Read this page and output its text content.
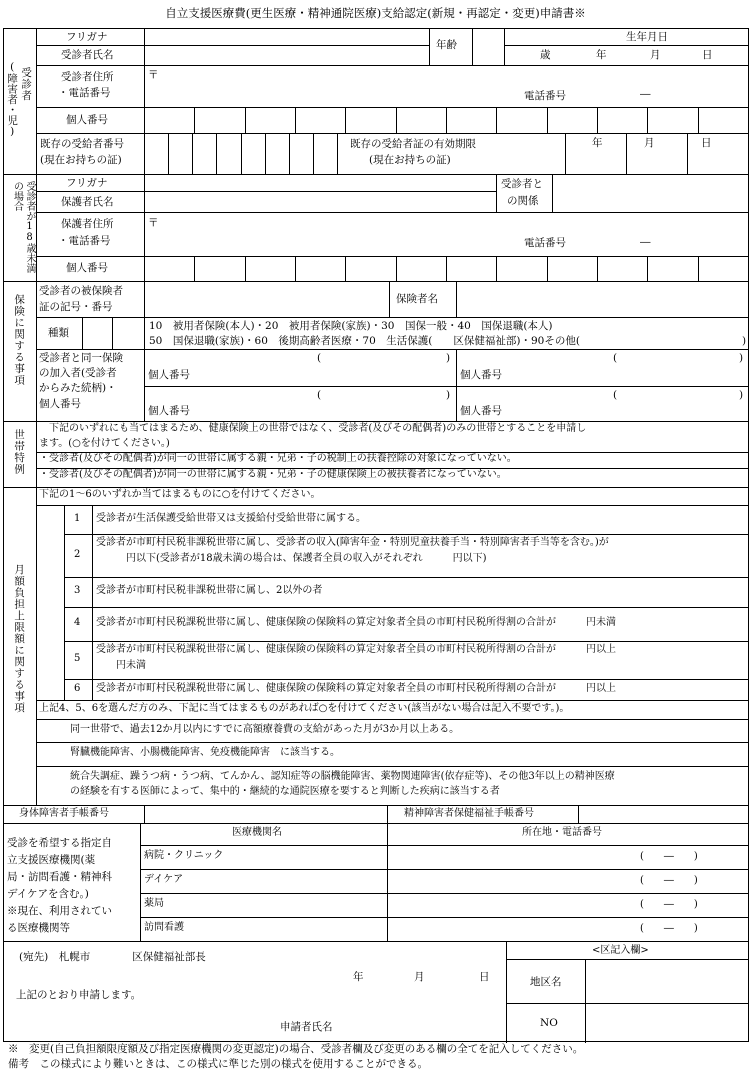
自立支援医療費(更生医療・精神通院医療)支給認定(新規・再認定・変更)申請書※
受診者
(障害者・児)
フリガナ
受診者氏名
年齢
歳
生年月日
年	月	日
受診者住所
・電話番号
〒
電話番号	―
個人番号
既存の受給者番号
(現在お持ちの証)
既存の受給者証の有効期限
(現在お持ちの証)
年	月	日
受診者が18歳未満の場合	フリガナ
保護者氏名
受診者と
の関係
保護者住所
・電話番号
〒
電話番号	―
個人番号
保険に関する事項
受診者の被保険者
証の記号・番号
保険者名
種類
10　被用者保険(本人)・20　被用者保険(家族)・30　国保一般・40　国保退職(本人)
50　国保退職(家族)・60　後期高齢者医療・70　生活保護(　　区保健福祉部)・90その他(	)
受診者と同一保険
の加入者(受診者
からみた続柄)・
個人番号
(	)	(	)
個人番号	個人番号
(	)	(	)
個人番号	個人番号
世帯特例
　下記のいずれにも当てはまるため、健康保険上の世帯ではなく、受診者(及びその配偶者)のみの世帯とすることを申請し
ます。(○を付けてください。)
・受診者(及びその配偶者)が同一の世帯に属する親・兄弟・子の税制上の扶養控除の対象になっていない。
・受診者(及びその配偶者)が同一の世帯に属する親・兄弟・子の健康保険上の被扶養者になっていない。
月額負担上限額に関する事項
下記の1～6のいずれか当てはまるものに○を付けてください。
上記4、5、6を選んだ方のみ、下記に当てはまるものがあれば○を付けてください(該当がない場合は記入不要です。)。
同一世帯で、過去12か月以内にすでに高額療養費の支給があった月が3か月以上ある。
腎臓機能障害、小腸機能障害、免疫機能障害　に該当する。
統合失調症、躁うつ病・うつ病、てんかん、認知症等の脳機能障害、薬物関連障害(依存症等)、その他3年以上の精神医療
の経験を有する医師によって、集中的・継続的な通院医療を要すると判断した疾病に該当する者
身体障害者手帳番号	精神障害者保健福祉手帳番号
受診を希望する指定自
立支援医療機関(薬
局・訪問看護・精神科
デイケアを含む。)
※現在、利用されてい
る医療機関等
医療機関名	所在地・電話番号
(宛先)　札幌市　　　　区保健福祉部長
年	月	日
上記のとおり申請します。
申請者氏名
<区記入欄>
地区名
NO
1 受診者が生活保護受給世帯又は支援給付受給世帯に属する。
2
受診者が市町村民税非課税世帯に属し、受診者の収入(障害年金・特別児童扶養手当・特別障害者手当等を含む。)が
　　　円以下(受診者が18歳未満の場合は、保護者全員の収入がそれぞれ　　　円以下)
3 受診者が市町村民税非課税世帯に属し、2以外の者
4 受診者が市町村民税課税世帯に属し、健康保険の保険料の算定対象者全員の市町村民税所得割の合計が　　　円未満
5
受診者が市町村民税課税世帯に属し、健康保険の保険料の算定対象者全員の市町村民税所得割の合計が　　　円以上
　　円未満
6 受診者が市町村民税課税世帯に属し、健康保険の保険料の算定対象者全員の市町村民税所得割の合計が　　　円以上
病院・クリニック	(　　―　　)
デイケア	(　　―　　)
薬局	(　　―　　)
訪問看護	(　　―　　)
※　変更(自己負担額限度額及び指定医療機関の変更認定)の場合、受診者欄及び変更のある欄の全てを記入してください。
備考　この様式により難いときは、この様式に準じた別の様式を使用することができる。
